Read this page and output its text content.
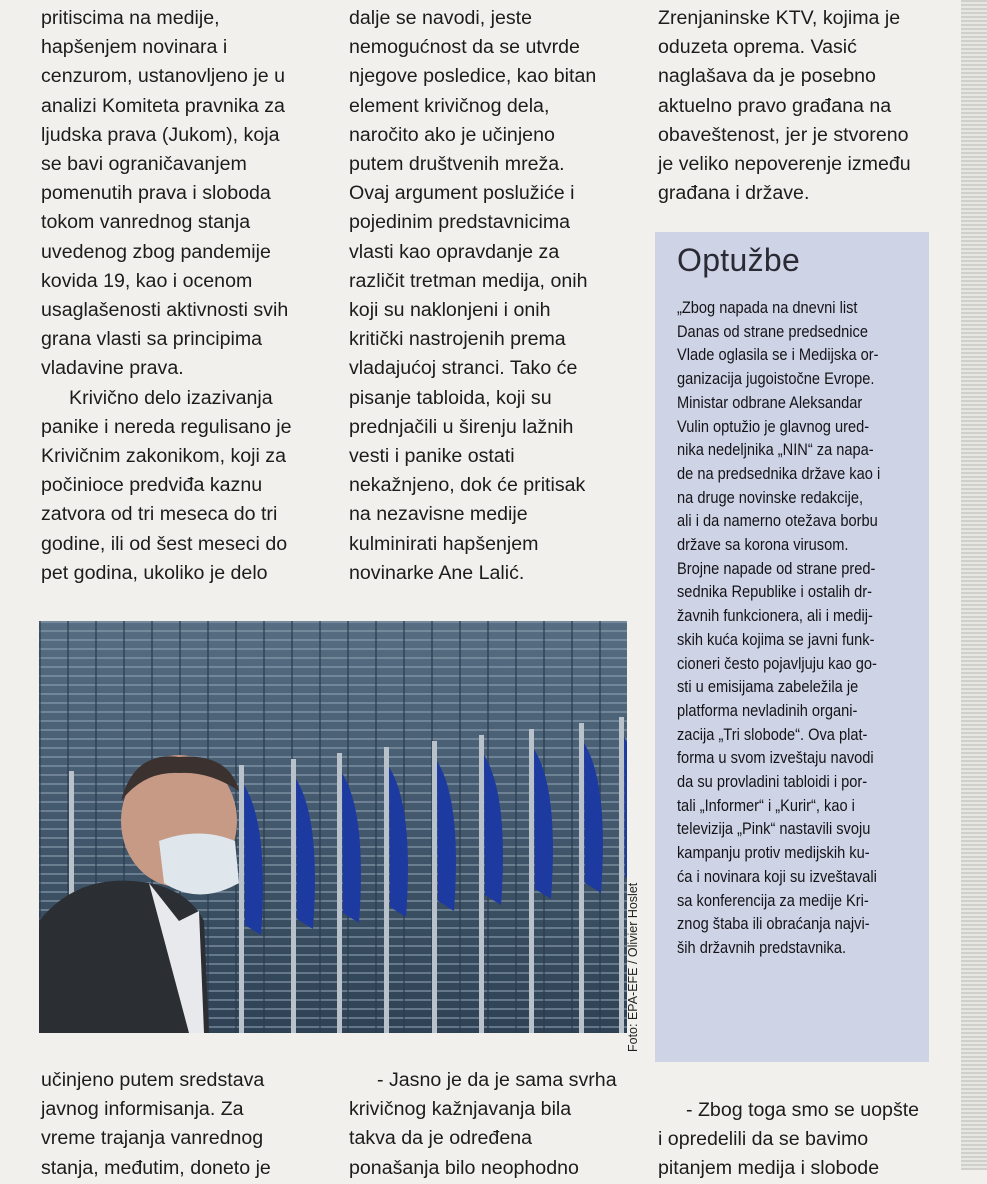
pritiscima na medije,
hapšenjem novinara i
cenzurom, ustanovljeno je u
analizi Komiteta pravnika za
ljudska prava (Jukom), koja
se bavi ograničavanjem
pomenutih prava i sloboda
tokom vanrednog stanja
uvedenog zbog pandemije
kovida 19, kao i ocenom
usaglašenosti aktivnosti svih
grana vlasti sa principima
vladavine prava.
Krivično delo izazivanja
panike i nereda regulisano je
Krivičnim zakonikom, koji za
počinioce predviđa kaznu
zatvora od tri meseca do tri
godine, ili od šest meseci do
pet godina, ukoliko je delo
dalje se navodi, jeste
nemogućnost da se utvrde
njegove posledice, kao bitan
element krivičnog dela,
naročito ako je učinjeno
putem društvenih mreža.
Ovaj argument poslužiće i
pojedinim predstavnicima
vlasti kao opravdanje za
različit tretman medija, onih
koji su naklonjeni i onih
kritički nastrojenih prema
vladajućoj stranci. Tako će
pisanje tabloida, koji su
prednjačili u širenju lažnih
vesti i panike ostati
nekažnjeno, dok će pritisak
na nezavisne medije
kulminirati hapšenjem
novinarke Ane Lalić.
Zrenjaninske KTV, kojima je
oduzeta oprema. Vasić
naglašava da je posebno
aktuelno pravo građana na
obaveštenost, jer je stvoreno
je veliko nepoverenje između
građana i države.
Optužbe
„Zbog napada na dnevni list
Danas od strane predsednice
Vlade oglasila se i Medijska or-
ganizacija jugoistočne Evrope.
Ministar odbrane Aleksandar
Vulin optužio je glavnog ured-
nika nedeljnika „NIN“ za napa-
de na predsednika države kao i
na druge novinske redakcije,
ali i da namerno otežava borbu
države sa korona virusom.
Brojne napade od strane pred-
sednika Republike i ostalih dr-
žavnih funkcionera, ali i medij-
skih kuća kojima se javni funk-
cioneri često pojavljuju kao go-
sti u emisijama zabeležila je
platforma nevladinih organi-
zacija „Tri slobode“. Ova plat-
forma u svom izveštaju navodi
da su provladini tabloidi i por-
tali „Informer“ i „Kurir“, kao i
televizija „Pink“ nastavili svoju
kampanju protiv medijskih ku-
ća i novinara koji su izveštavali
sa konferencija za medije Kri-
znog štaba ili obraćanja najvi-
ših državnih predstavnika.
Foto: EPA-EFE / Olivier Hoslet
učinjeno putem sredstava
javnog informisanja. Za
vreme trajanja vanrednog
stanja, međutim, doneto je
- Jasno je da je sama svrha
krivičnog kažnjavanja bila
takva da je određena
ponašanja bilo neophodno
- Zbog toga smo se uopšte
i opredelili da se bavimo
pitanjem medija i slobode
